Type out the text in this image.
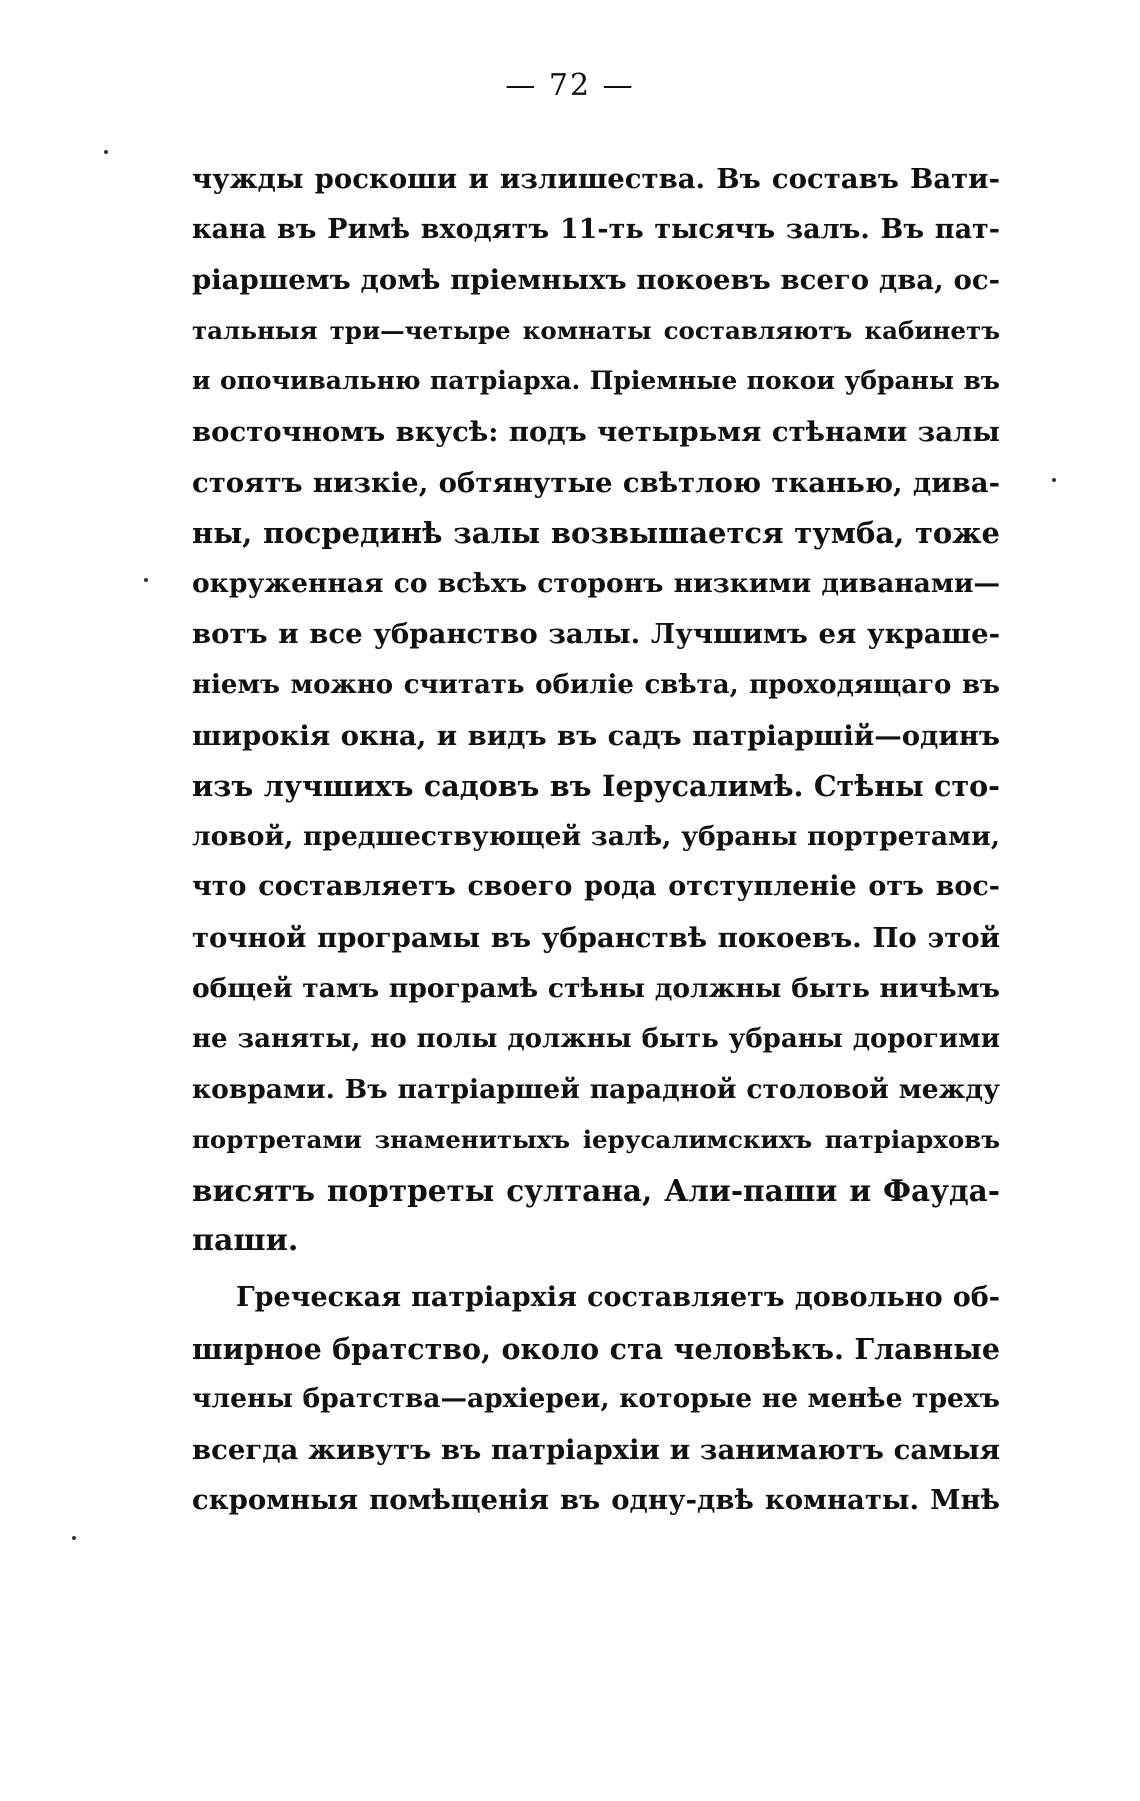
— 72 —
чужды роскоши и излишества. Въ составъ Вати-
кана въ Римѣ входятъ 11-ть тысячъ залъ. Въ пат-
ріаршемъ домѣ пріемныхъ покоевъ всего два, ос-
тальныя три—четыре комнаты составляютъ кабинетъ
и опочивальню патріарха. Пріемные покои убраны въ
восточномъ вкусѣ: подъ четырьмя стѣнами залы
стоятъ низкіе, обтянутые свѣтлою тканью, дива-
ны, посрединѣ залы возвышается тумба, тоже
окруженная со всѣхъ сторонъ низкими диванами—
вотъ и все убранство залы. Лучшимъ ея украше-
ніемъ можно считать обиліе свѣта, проходящаго въ
широкія окна, и видъ въ садъ патріаршій—одинъ
изъ лучшихъ садовъ въ Іерусалимѣ. Стѣны сто-
ловой, предшествующей залѣ, убраны портретами,
что составляетъ своего рода отступленіе отъ вос-
точной програмы въ убранствѣ покоевъ. По этой
общей тамъ програмѣ стѣны должны быть ничѣмъ
не заняты, но полы должны быть убраны дорогими
коврами. Въ патріаршей парадной столовой между
портретами знаменитыхъ іерусалимскихъ патріарховъ
висятъ портреты султана, Али-паши и Фауда-
паши.
Греческая патріархія составляетъ довольно об-
ширное братство, около ста человѣкъ. Главные
члены братства—архіереи, которые не менѣе трехъ
всегда живутъ въ патріархіи и занимаютъ самыя
скромныя помѣщенія въ одну-двѣ комнаты. Мнѣ
